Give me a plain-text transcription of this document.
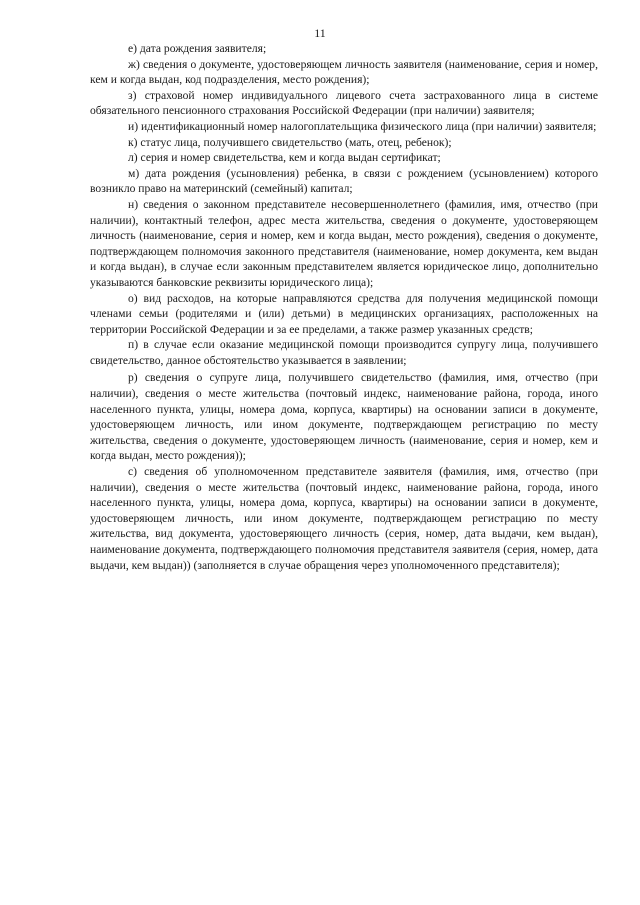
11

е) дата рождения заявителя;

ж) сведения о документе, удостоверяющем личность заявителя (наименование, серия и номер, кем и когда выдан, код подразделения, место рождения);

з) страховой номер индивидуального лицевого счета застрахованного лица в системе обязательного пенсионного страхования Российской Федерации (при наличии) заявителя;

и) идентификационный номер налогоплательщика физического лица (при наличии) заявителя;

к) статус лица, получившего свидетельство (мать, отец, ребенок);

л) серия и номер свидетельства, кем и когда выдан сертификат;

м) дата рождения (усыновления) ребенка, в связи с рождением (усыновлением) которого возникло право на материнский (семейный) капитал;

н) сведения о законном представителе несовершеннолетнего (фамилия, имя, отчество (при наличии), контактный телефон, адрес места жительства, сведения о документе, удостоверяющем личность (наименование, серия и номер, кем и когда выдан, место рождения), сведения о документе, подтверждающем полномочия законного представителя (наименование, номер документа, кем выдан и когда выдан), в случае если законным представителем является юридическое лицо, дополнительно указываются банковские реквизиты юридического лица);

о) вид расходов, на которые направляются средства для получения медицинской помощи членами семьи (родителями и (или) детьми) в медицинских организациях, расположенных на территории Российской Федерации и за ее пределами, а также размер указанных средств;

п) в случае если оказание медицинской помощи производится супругу лица, получившего свидетельство, данное обстоятельство указывается в заявлении;

р) сведения о супруге лица, получившего свидетельство (фамилия, имя, отчество (при наличии), сведения о месте жительства (почтовый индекс, наименование района, города, иного населенного пункта, улицы, номера дома, корпуса, квартиры) на основании записи в документе, удостоверяющем личность, или ином документе, подтверждающем регистрацию по месту жительства, сведения о документе, удостоверяющем личность (наименование, серия и номер, кем и когда выдан, место рождения));

с) сведения об уполномоченном представителе заявителя (фамилия, имя, отчество (при наличии), сведения о месте жительства (почтовый индекс, наименование района, города, иного населенного пункта, улицы, номера дома, корпуса, квартиры) на основании записи в документе, удостоверяющем личность, или ином документе, подтверждающем регистрацию по месту жительства, вид документа, удостоверяющего личность (серия, номер, дата выдачи, кем выдан), наименование документа, подтверждающего полномочия представителя заявителя (серия, номер, дата выдачи, кем выдан)) (заполняется в случае обращения через уполномоченного представителя);
